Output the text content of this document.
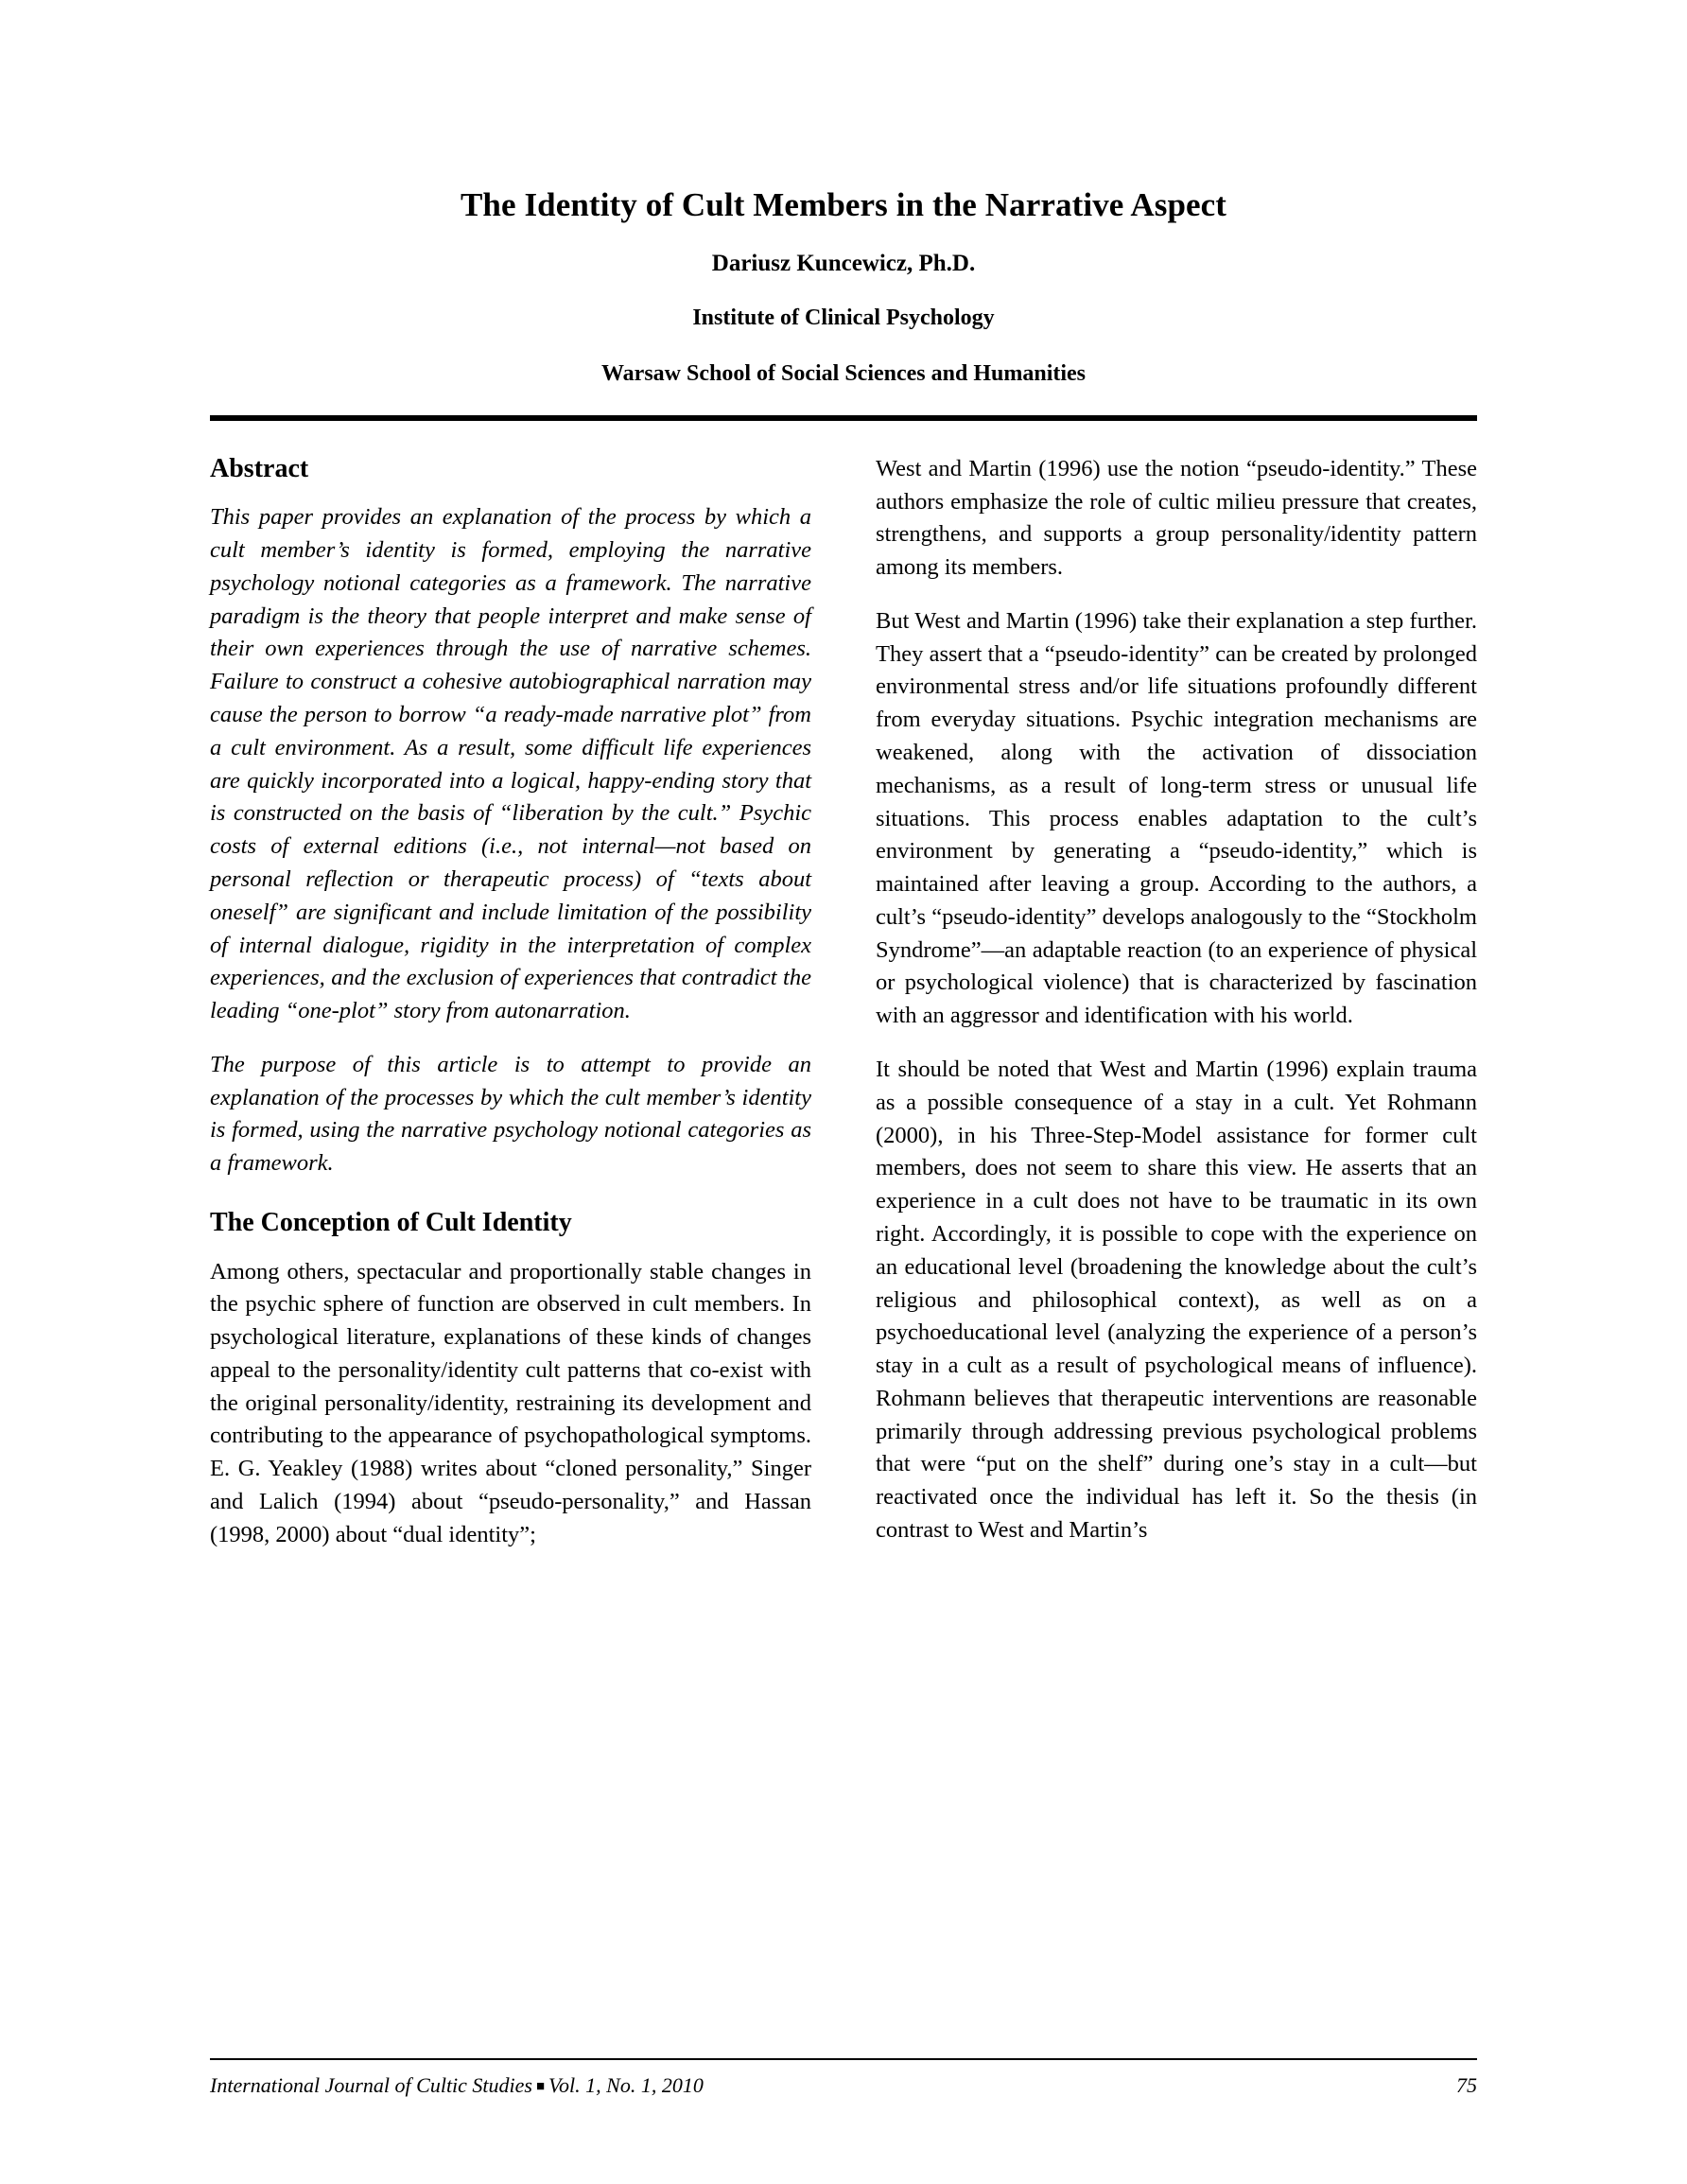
The Identity of Cult Members in the Narrative Aspect
Dariusz Kuncewicz, Ph.D.
Institute of Clinical Psychology
Warsaw School of Social Sciences and Humanities
Abstract

This paper provides an explanation of the process by which a cult member’s identity is formed, employing the narrative psychology notional categories as a framework. The narrative paradigm is the theory that people interpret and make sense of their own experiences through the use of narrative schemes. Failure to construct a cohesive autobiographical narration may cause the person to borrow “a ready-made narrative plot” from a cult environment. As a result, some difficult life experiences are quickly incorporated into a logical, happy-ending story that is constructed on the basis of “liberation by the cult.” Psychic costs of external editions (i.e., not internal—not based on personal reflection or therapeutic process) of “texts about oneself” are significant and include limitation of the possibility of internal dialogue, rigidity in the interpretation of complex experiences, and the exclusion of experiences that contradict the leading “one-plot” story from autonarration.

The purpose of this article is to attempt to provide an explanation of the processes by which the cult member’s identity is formed, using the narrative psychology notional categories as a framework.

The Conception of Cult Identity

Among others, spectacular and proportionally stable changes in the psychic sphere of function are observed in cult members. In psychological literature, explanations of these kinds of changes appeal to the personality/identity cult patterns that co-exist with the original personality/identity, restraining its development and contributing to the appearance of psychopathological symptoms. E. G. Yeakley (1988) writes about “cloned personality,” Singer and Lalich (1994) about “pseudo-personality,” and Hassan (1998, 2000) about “dual identity”;

West and Martin (1996) use the notion “pseudo-identity.” These authors emphasize the role of cultic milieu pressure that creates, strengthens, and supports a group personality/identity pattern among its members.

But West and Martin (1996) take their explanation a step further. They assert that a “pseudo-identity” can be created by prolonged environmental stress and/or life situations profoundly different from everyday situations. Psychic integration mechanisms are weakened, along with the activation of dissociation mechanisms, as a result of long-term stress or unusual life situations. This process enables adaptation to the cult’s environment by generating a “pseudo-identity,” which is maintained after leaving a group. According to the authors, a cult’s “pseudo-identity” develops analogously to the “Stockholm Syndrome”—an adaptable reaction (to an experience of physical or psychological violence) that is characterized by fascination with an aggressor and identification with his world.

It should be noted that West and Martin (1996) explain trauma as a possible consequence of a stay in a cult. Yet Rohmann (2000), in his Three-Step-Model assistance for former cult members, does not seem to share this view. He asserts that an experience in a cult does not have to be traumatic in its own right. Accordingly, it is possible to cope with the experience on an educational level (broadening the knowledge about the cult’s religious and philosophical context), as well as on a psychoeducational level (analyzing the experience of a person’s stay in a cult as a result of psychological means of influence). Rohmann believes that therapeutic interventions are reasonable primarily through addressing previous psychological problems that were “put on the shelf” during one’s stay in a cult—but reactivated once the individual has left it. So the thesis (in contrast to West and Martin’s

International Journal of Cultic Studies ■ Vol. 1, No. 1, 2010	75
